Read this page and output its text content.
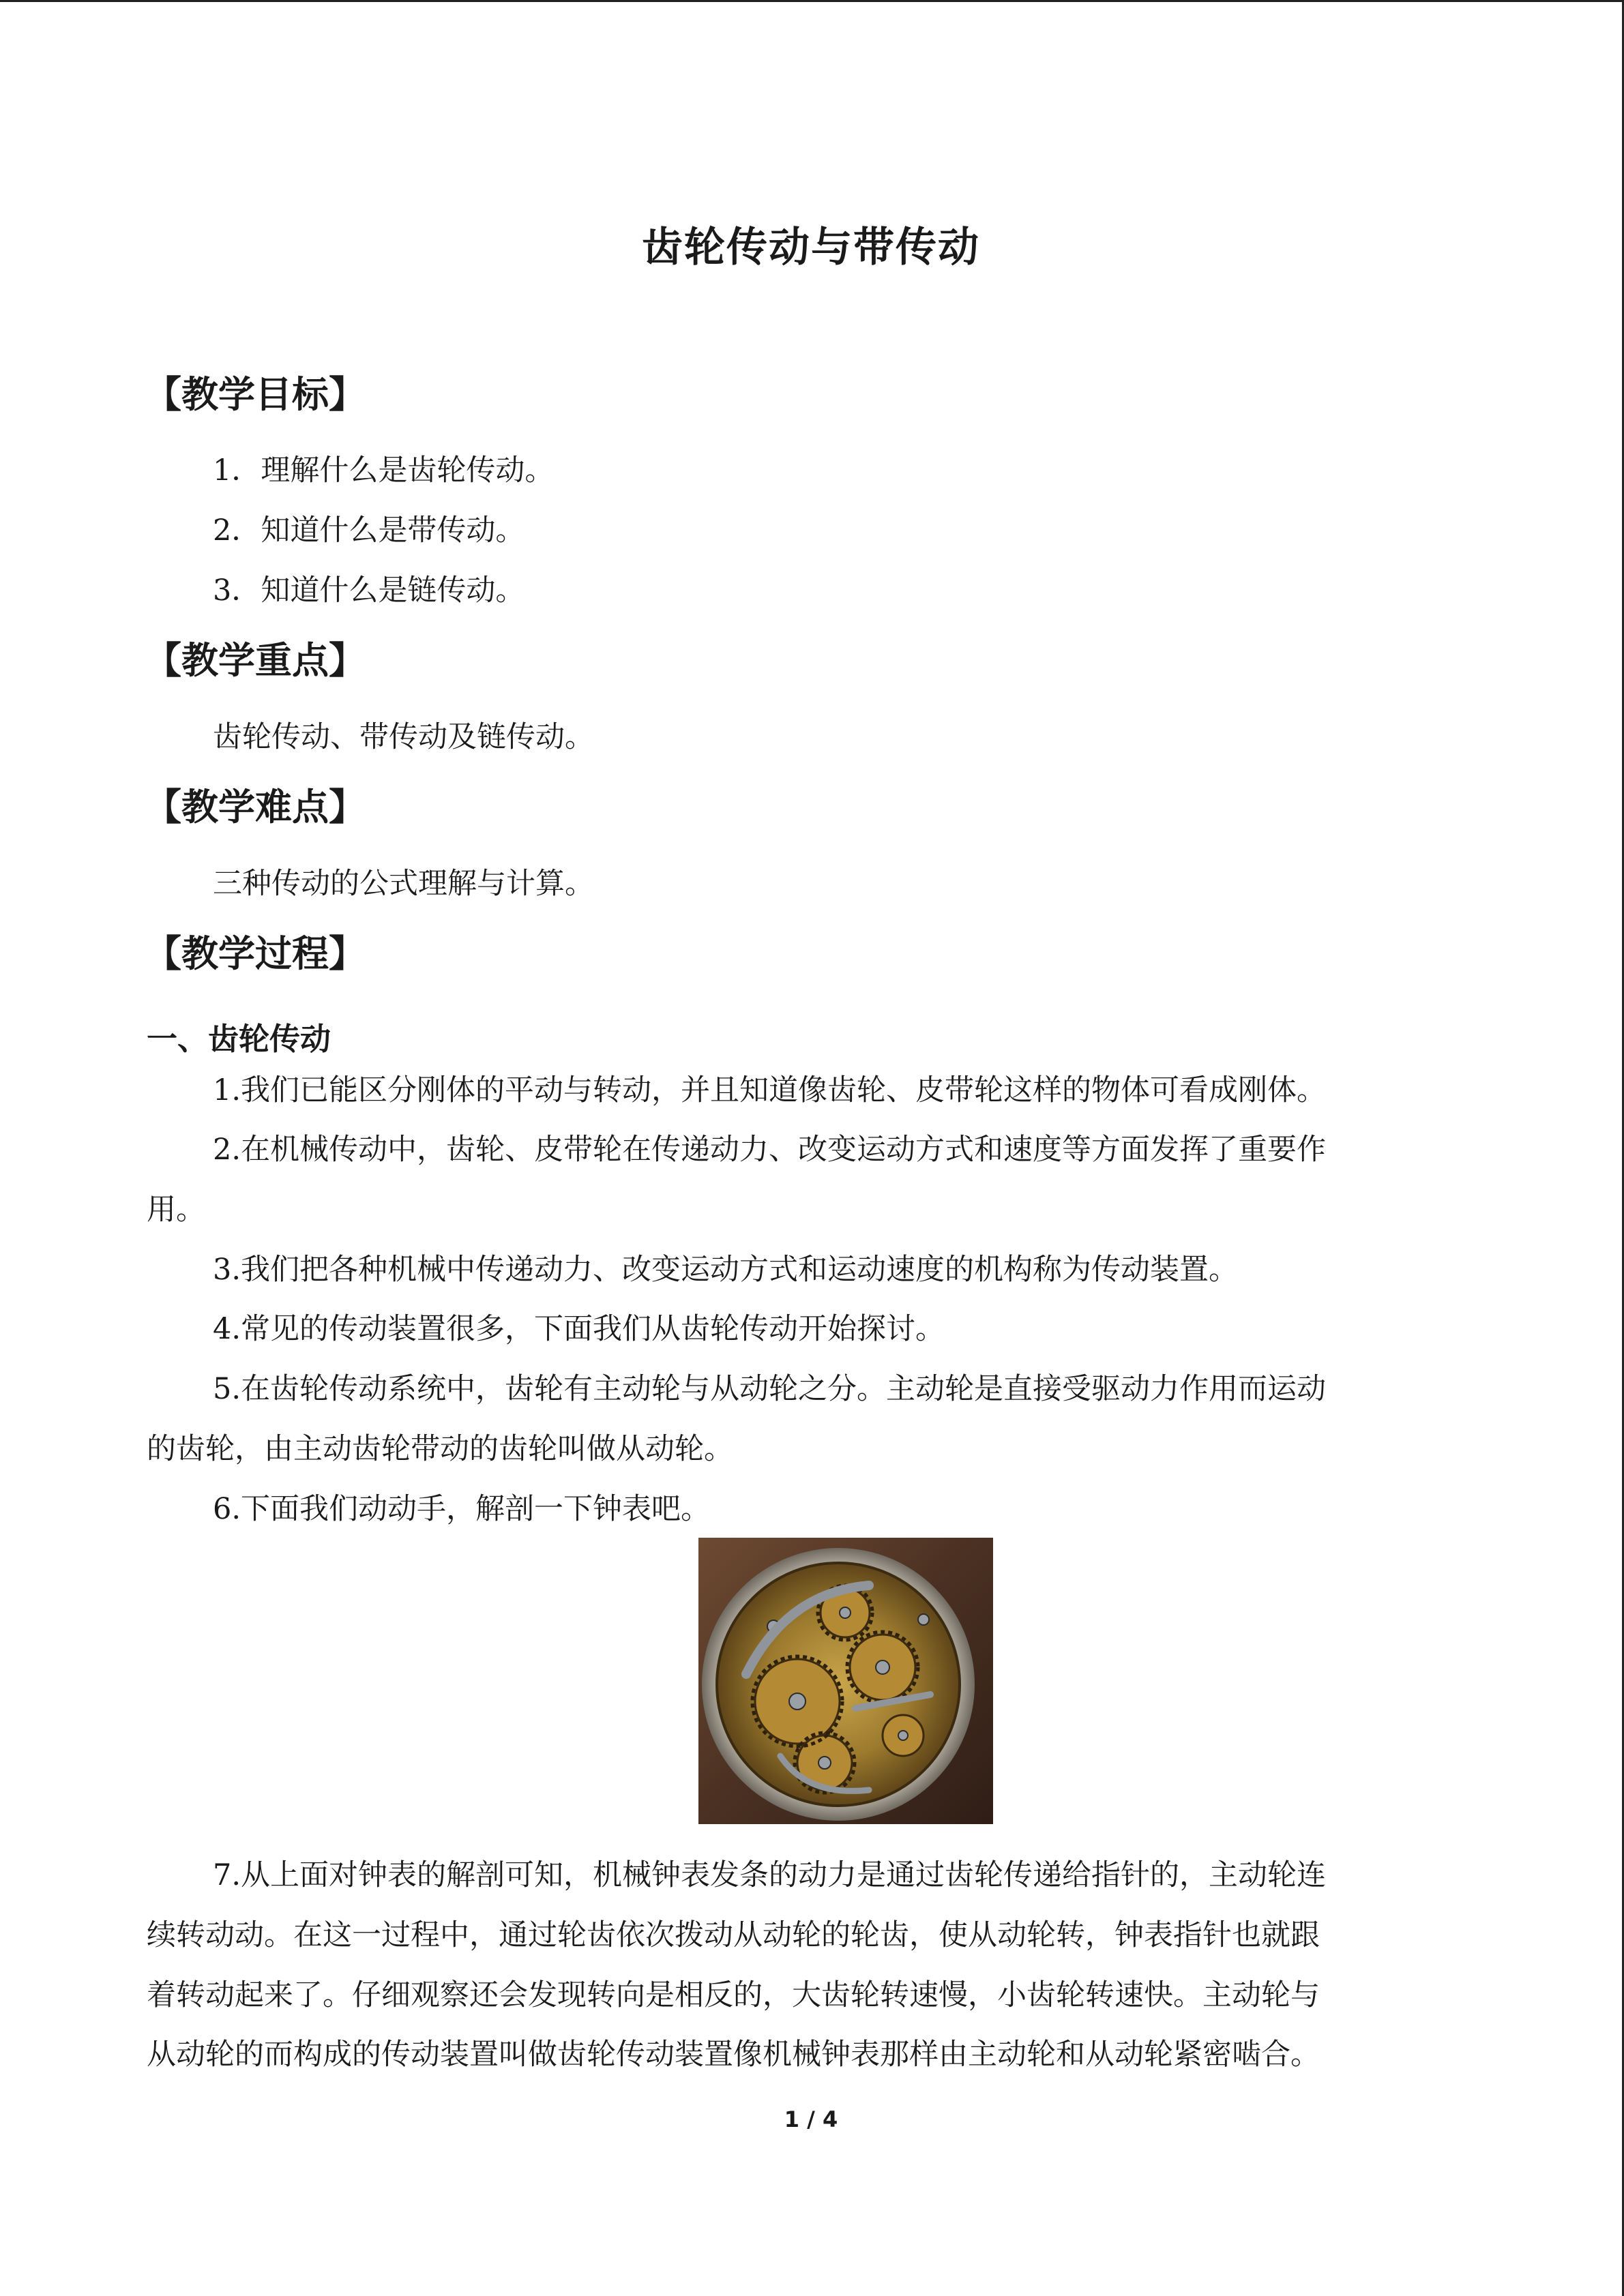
齿轮传动与带传动
【教学目标】

1．理解什么是齿轮传动。

2．知道什么是带传动。

3．知道什么是链传动。

【教学重点】

齿轮传动、带传动及链传动。

【教学难点】

三种传动的公式理解与计算。

【教学过程】
一、齿轮传动

1.我们已能区分刚体的平动与转动，并且知道像齿轮、皮带轮这样的物体可看成刚体。

2.在机械传动中，齿轮、皮带轮在传递动力、改变运动方式和速度等方面发挥了重要作

用。

3.我们把各种机械中传递动力、改变运动方式和运动速度的机构称为传动装置。

4.常见的传动装置很多，下面我们从齿轮传动开始探讨。

5.在齿轮传动系统中，齿轮有主动轮与从动轮之分。主动轮是直接受驱动力作用而运动

的齿轮，由主动齿轮带动的齿轮叫做从动轮。

6.下面我们动动手，解剖一下钟表吧。

7.从上面对钟表的解剖可知，机械钟表发条的动力是通过齿轮传递给指针的，主动轮连

续转动动。在这一过程中，通过轮齿依次拨动从动轮的轮齿，使从动轮转，钟表指针也就跟

着转动起来了。仔细观察还会发现转向是相反的，大齿轮转速慢，小齿轮转速快。主动轮与

从动轮的而构成的传动装置叫做齿轮传动装置像机械钟表那样由主动轮和从动轮紧密啮合。

1 / 4
